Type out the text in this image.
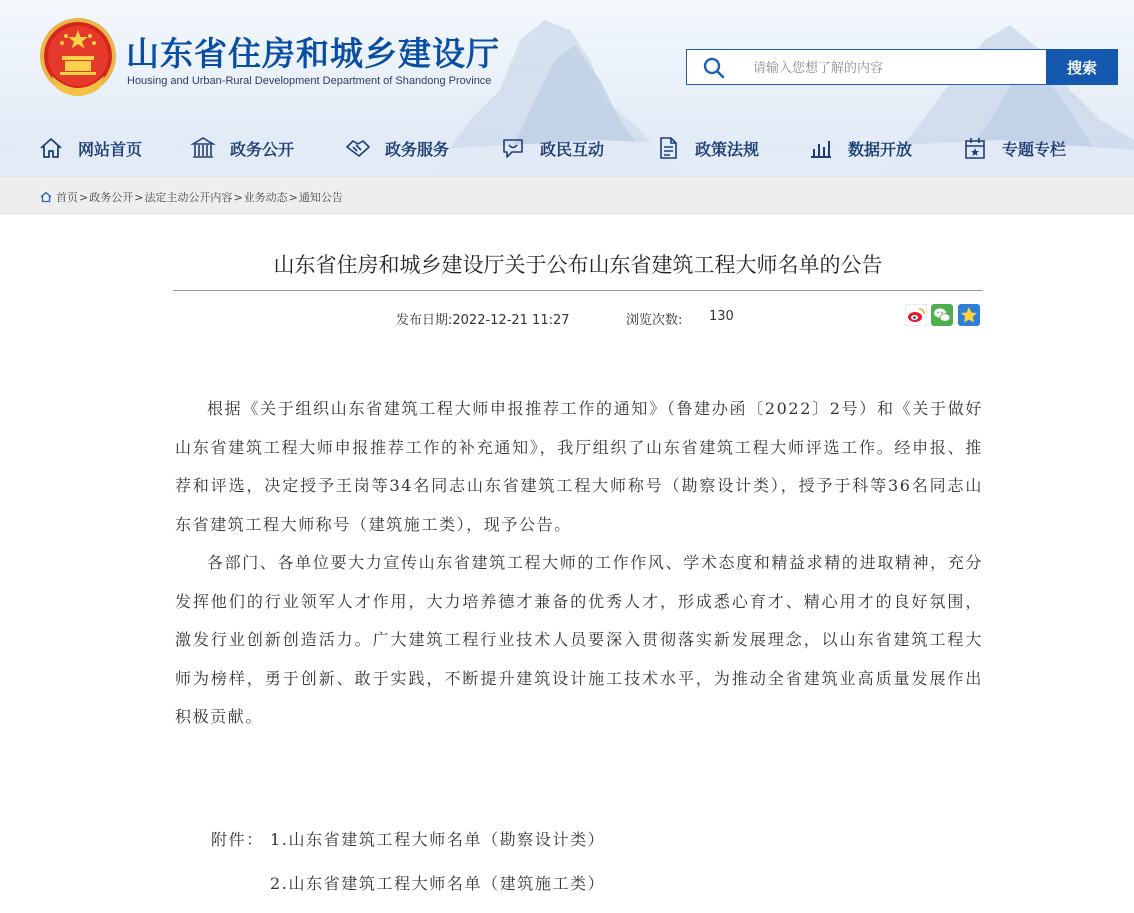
山东省住房和城乡建设厅
Housing and Urban-Rural Development Department of Shandong Province
请输入您想了解的内容
搜索
网站首页	政务公开	政务服务	政民互动	政策法规	数据开放	专题专栏
首页 > 政务公开 > 法定主动公开内容 > 业务动态 > 通知公告
山东省住房和城乡建设厅关于公布山东省建筑工程大师名单的公告
发布日期:2022-12-21 11:27	浏览次数: 130

根据《关于组织山东省建筑工程大师申报推荐工作的通知》（鲁建办函〔2022〕2号）和《关于做好山东省建筑工程大师申报推荐工作的补充通知》，我厅组织了山东省建筑工程大师评选工作。经申报、推荐和评选，决定授予王岗等34名同志山东省建筑工程大师称号（勘察设计类），授予于科等36名同志山东省建筑工程大师称号（建筑施工类），现予公告。

各部门、各单位要大力宣传山东省建筑工程大师的工作作风、学术态度和精益求精的进取精神，充分发挥他们的行业领军人才作用，大力培养德才兼备的优秀人才，形成悉心育才、精心用才的良好氛围，激发行业创新创造活力。广大建筑工程行业技术人员要深入贯彻落实新发展理念，以山东省建筑工程大师为榜样，勇于创新、敢于实践，不断提升建筑设计施工技术水平，为推动全省建筑业高质量发展作出积极贡献。

附件： 1.山东省建筑工程大师名单（勘察设计类）
2.山东省建筑工程大师名单（建筑施工类）
